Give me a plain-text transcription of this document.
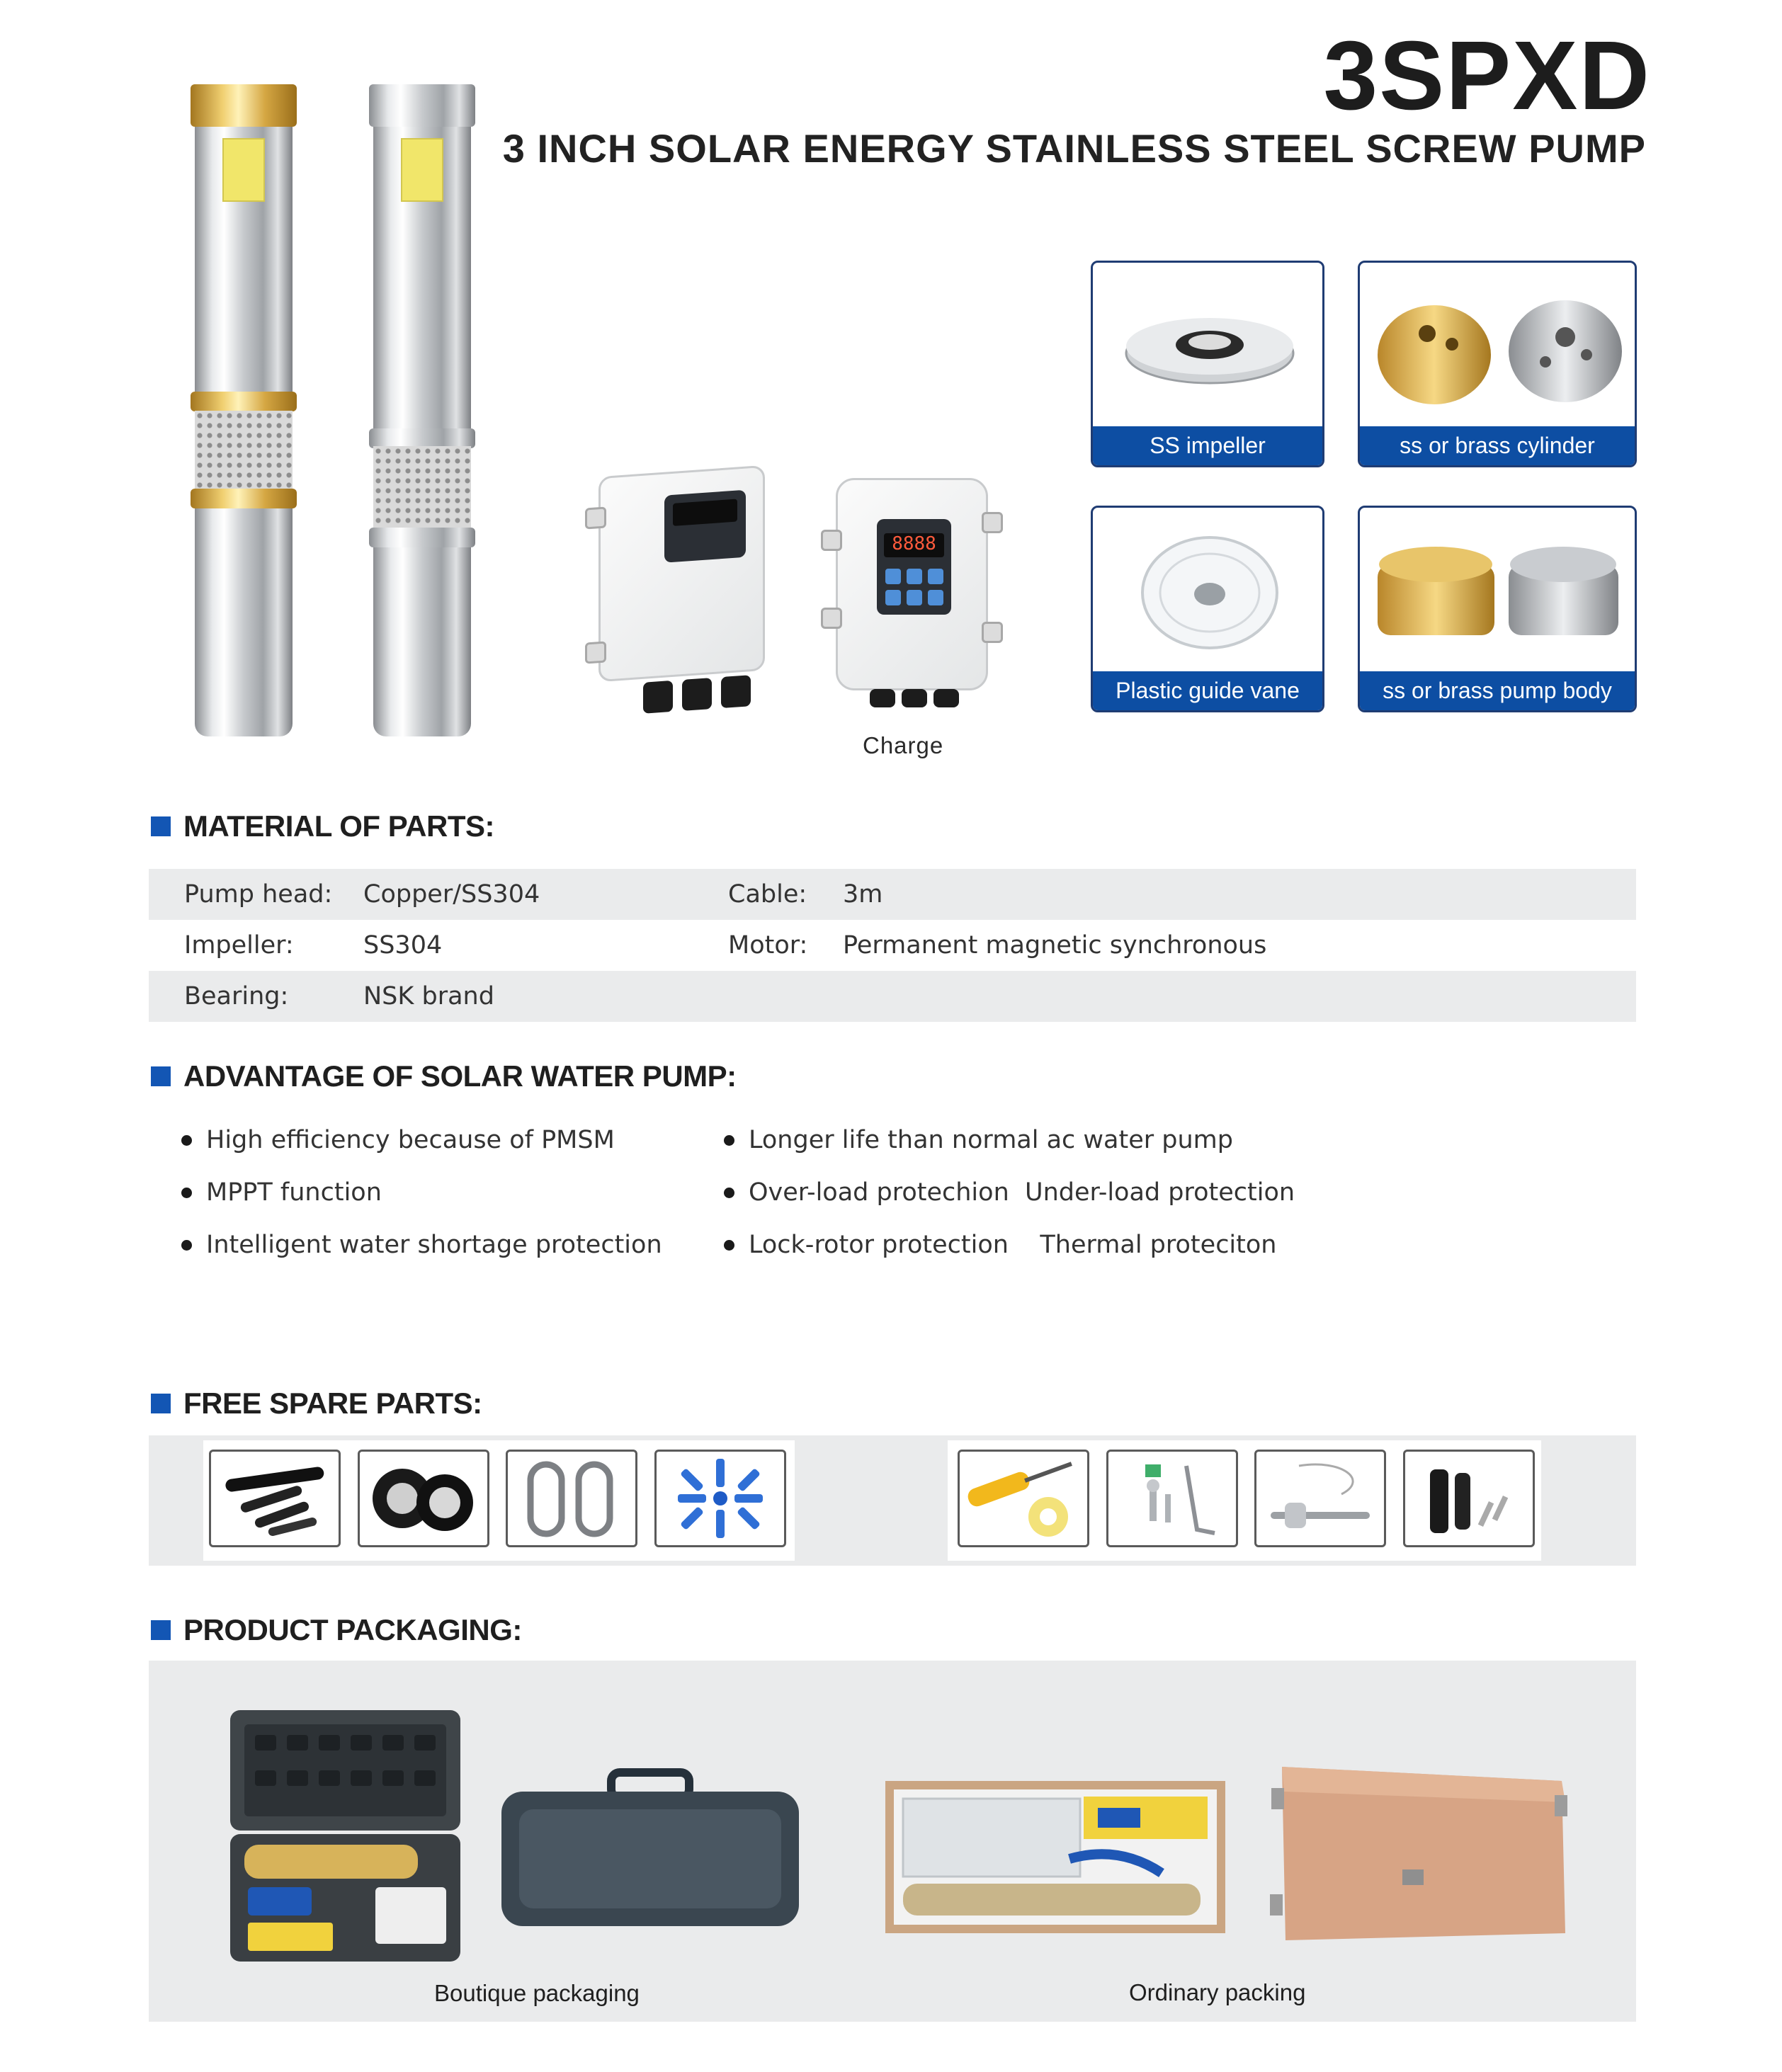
3SPXD
3 INCH SOLAR ENERGY STAINLESS STEEL SCREW PUMP
8888
Charge
SS impeller	ss or brass cylinder
Plastic guide vane	ss or brass pump body
MATERIAL OF PARTS:
Pump head: Copper/SS304	Cable: 3m
Impeller:	SS304	Motor: Permanent magnetic synchronous
Bearing:	NSK brand
ADVANTAGE OF SOLAR WATER PUMP:
High efficiency because of PMSM
MPPT function
Intelligent water shortage protection
Longer life than normal ac water pump
Over-load protechion  Under-load protection
Lock-rotor protection    Thermal proteciton
FREE SPARE PARTS:
PRODUCT PACKAGING:
Boutique packaging	Ordinary packing
